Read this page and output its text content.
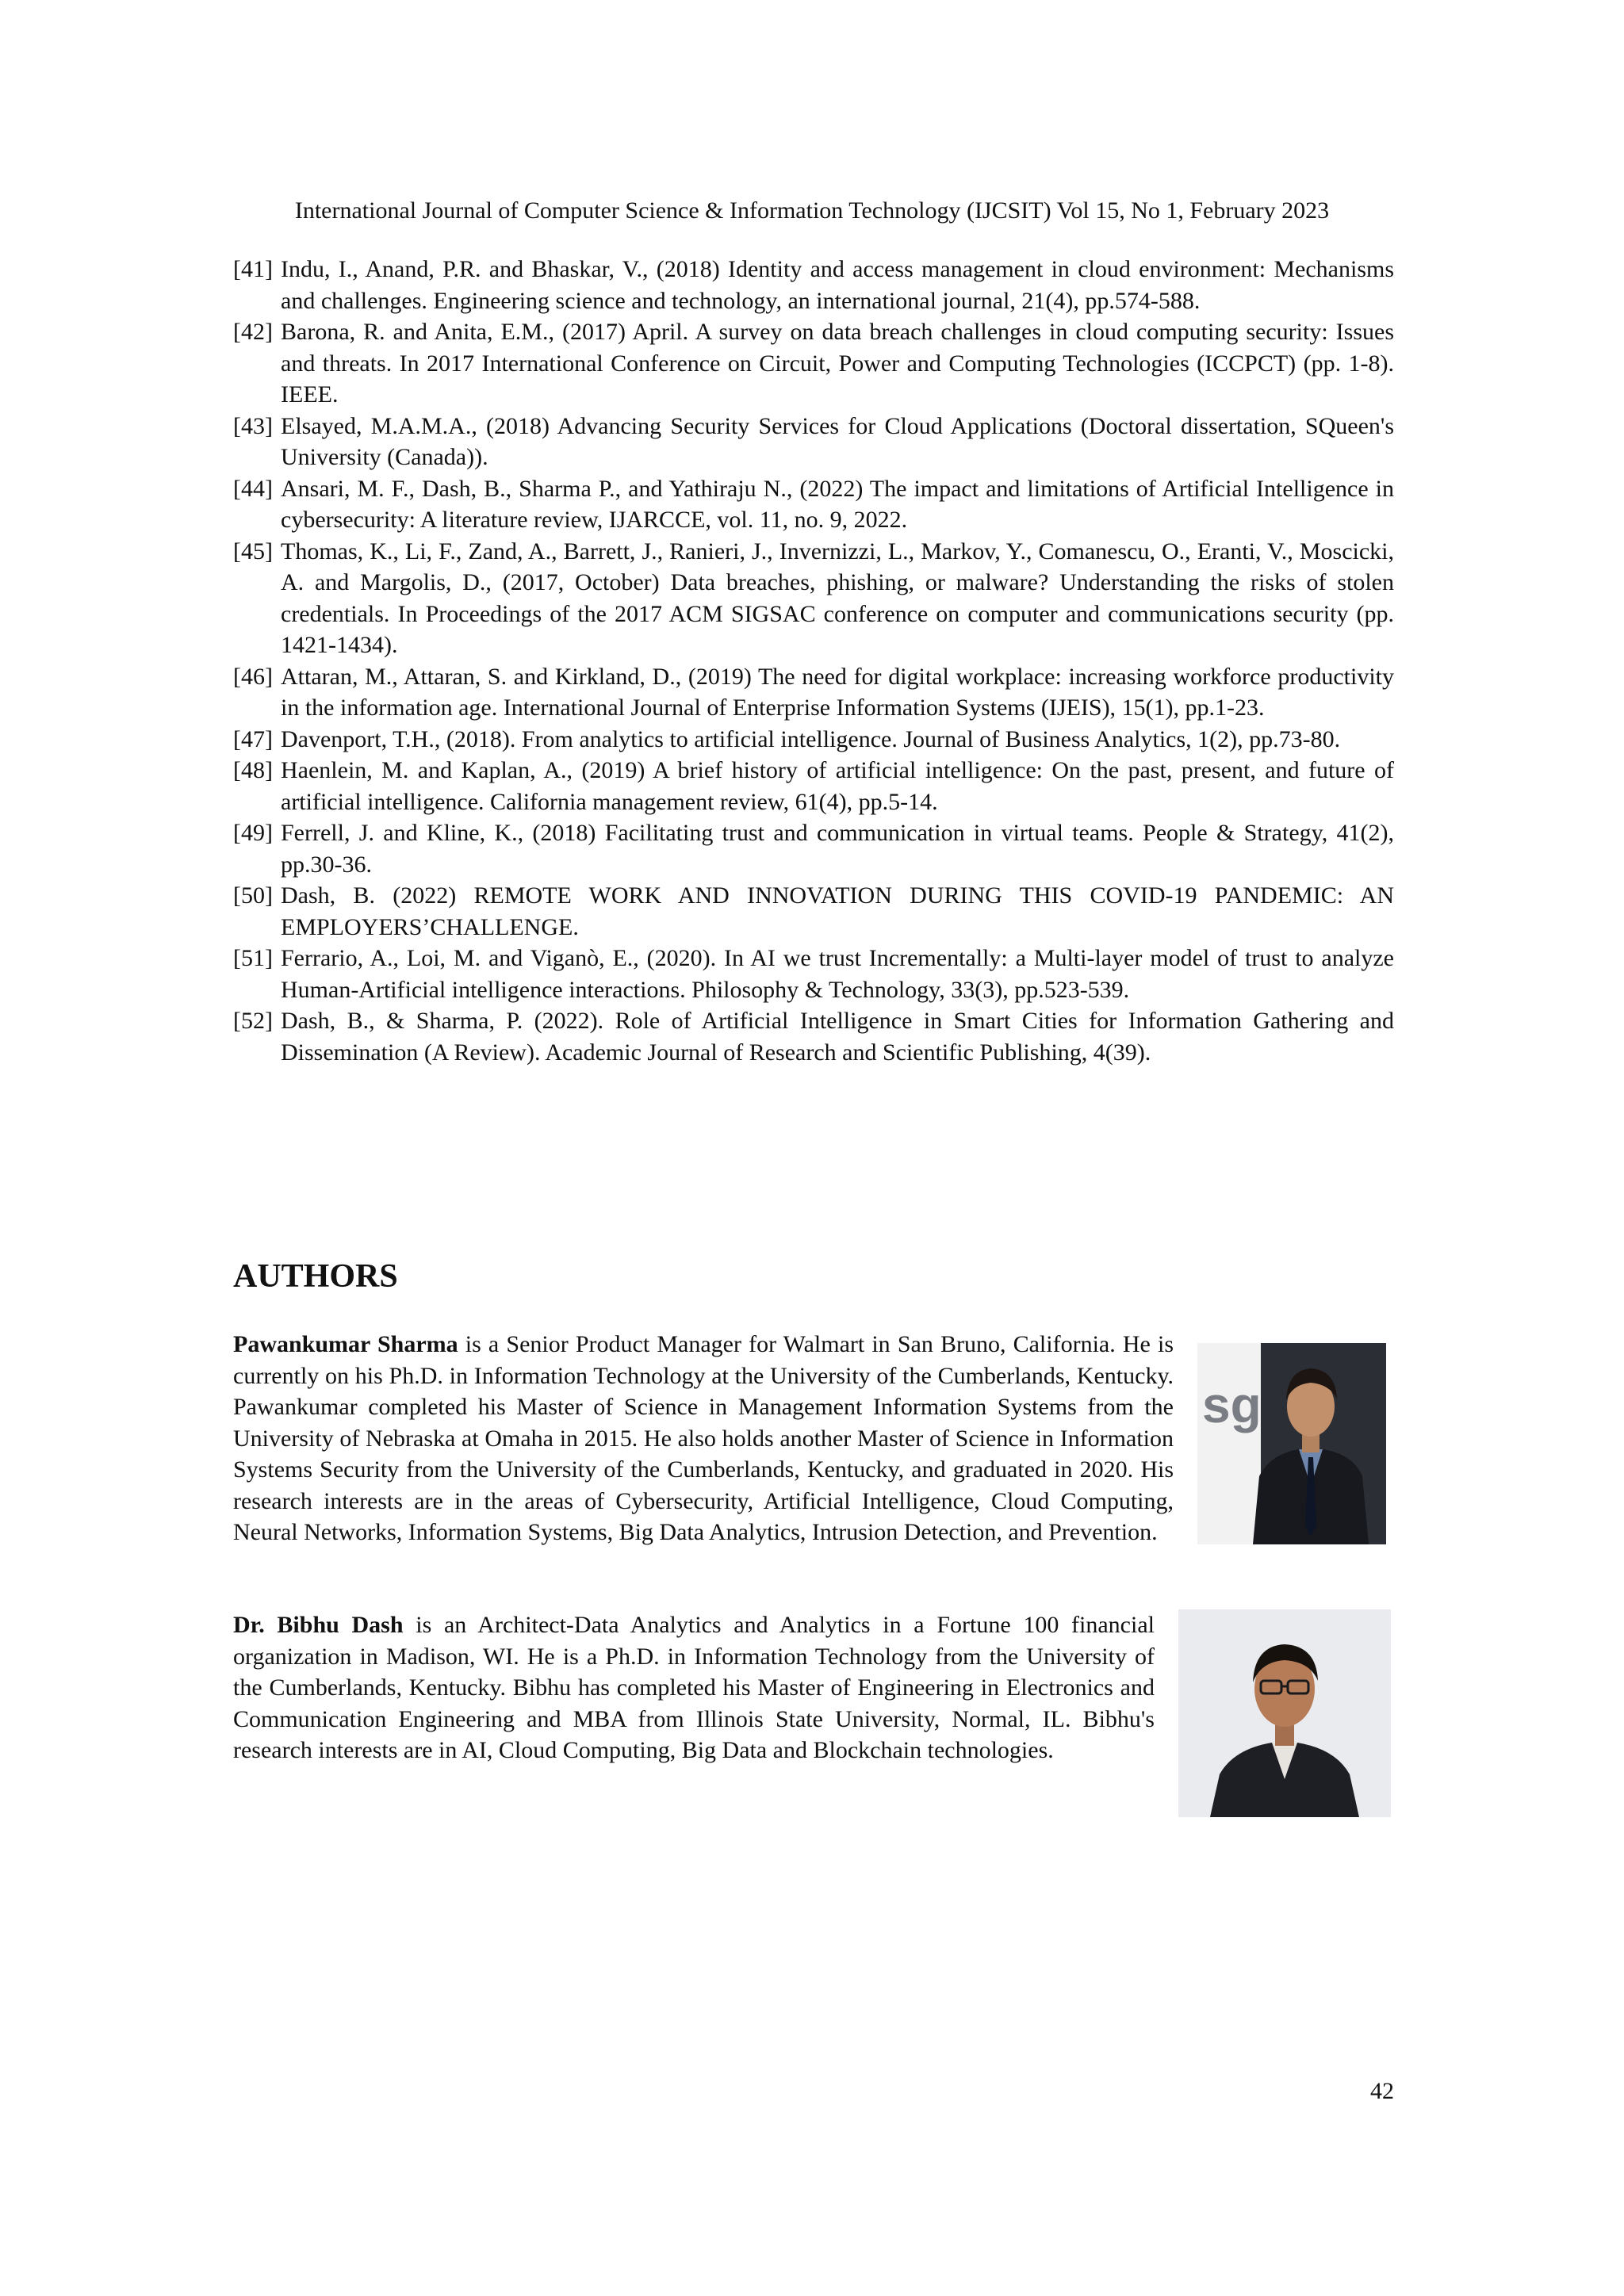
International Journal of Computer Science & Information Technology (IJCSIT) Vol 15, No 1, February 2023
[41] Indu, I., Anand, P.R. and Bhaskar, V., (2018) Identity and access management in cloud environment: Mechanisms and challenges. Engineering science and technology, an international journal, 21(4), pp.574-588.
[42] Barona, R. and Anita, E.M., (2017) April. A survey on data breach challenges in cloud computing security: Issues and threats. In 2017 International Conference on Circuit, Power and Computing Technologies (ICCPCT) (pp. 1-8). IEEE.
[43] Elsayed, M.A.M.A., (2018) Advancing Security Services for Cloud Applications (Doctoral dissertation, SQueen's University (Canada)).
[44] Ansari, M. F., Dash, B., Sharma P., and Yathiraju N., (2022) The impact and limitations of Artificial Intelligence in cybersecurity: A literature review, IJARCCE, vol. 11, no. 9, 2022.
[45] Thomas, K., Li, F., Zand, A., Barrett, J., Ranieri, J., Invernizzi, L., Markov, Y., Comanescu, O., Eranti, V., Moscicki, A. and Margolis, D., (2017, October) Data breaches, phishing, or malware? Understanding the risks of stolen credentials. In Proceedings of the 2017 ACM SIGSAC conference on computer and communications security (pp. 1421-1434).
[46] Attaran, M., Attaran, S. and Kirkland, D., (2019) The need for digital workplace: increasing workforce productivity in the information age. International Journal of Enterprise Information Systems (IJEIS), 15(1), pp.1-23.
[47] Davenport, T.H., (2018). From analytics to artificial intelligence. Journal of Business Analytics, 1(2), pp.73-80.
[48] Haenlein, M. and Kaplan, A., (2019) A brief history of artificial intelligence: On the past, present, and future of artificial intelligence. California management review, 61(4), pp.5-14.
[49] Ferrell, J. and Kline, K., (2018) Facilitating trust and communication in virtual teams. People & Strategy, 41(2), pp.30-36.
[50] Dash, B. (2022) REMOTE WORK AND INNOVATION DURING THIS COVID-19 PANDEMIC: AN EMPLOYERS’CHALLENGE.
[51] Ferrario, A., Loi, M. and Viganò, E., (2020). In AI we trust Incrementally: a Multi-layer model of trust to analyze Human-Artificial intelligence interactions. Philosophy & Technology, 33(3), pp.523-539.
[52] Dash, B., & Sharma, P. (2022). Role of Artificial Intelligence in Smart Cities for Information Gathering and Dissemination (A Review). Academic Journal of Research and Scientific Publishing, 4(39).
AUTHORS
sg
Pawankumar Sharma is a Senior Product Manager for Walmart in San Bruno, California. He is currently on his Ph.D. in Information Technology at the University of the Cumberlands, Kentucky. Pawankumar completed his Master of Science in Management Information Systems from the University of Nebraska at Omaha in 2015. He also holds another Master of Science in Information Systems Security from the University of the Cumberlands, Kentucky, and graduated in 2020. His research interests are in the areas of Cybersecurity, Artificial Intelligence, Cloud Computing, Neural Networks, Information Systems, Big Data Analytics, Intrusion Detection, and Prevention.
Dr. Bibhu Dash is an Architect-Data Analytics and Analytics in a Fortune 100 financial organization in Madison, WI. He is a Ph.D. in Information Technology from the University of the Cumberlands, Kentucky. Bibhu has completed his Master of Engineering in Electronics and Communication Engineering and MBA from Illinois State University, Normal, IL. Bibhu's research interests are in AI, Cloud Computing, Big Data and Blockchain technologies.
42
